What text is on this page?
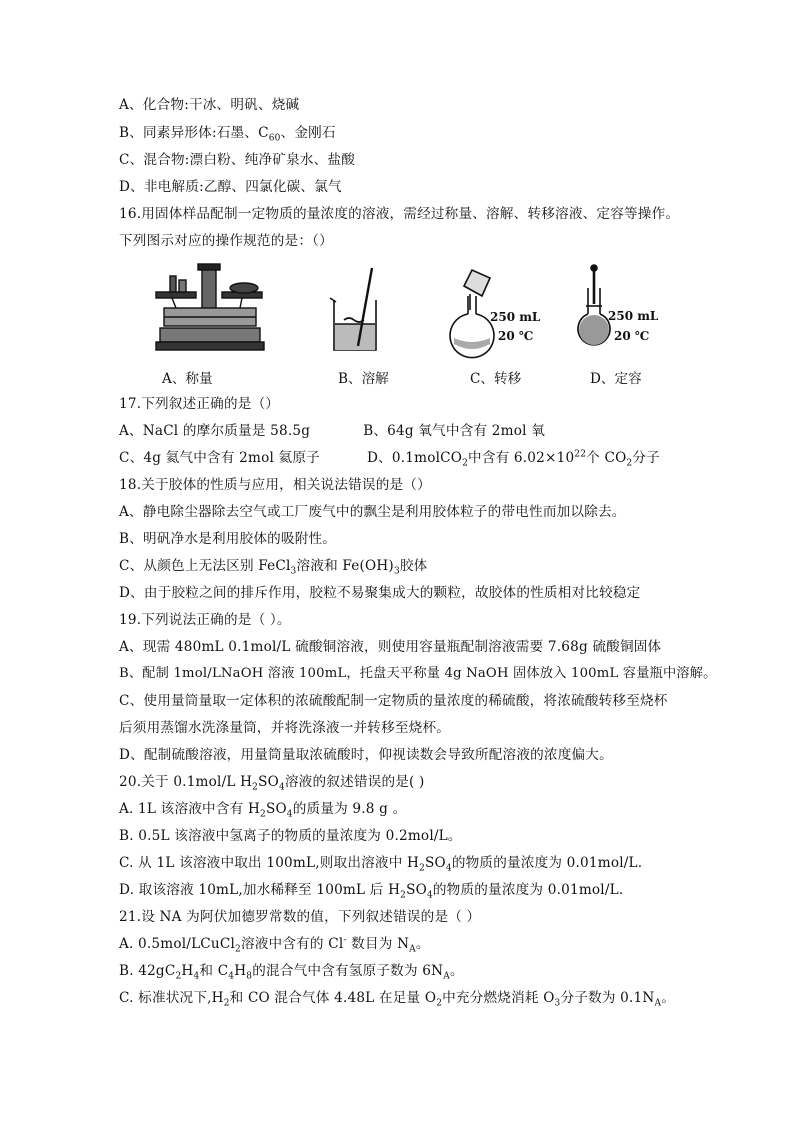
A、化合物:干冰、明矾、烧碱
B、同素异形体:石墨、$C_{60}$、金刚石
C、混合物:漂白粉、纯净矿泉水、盐酸
D、非电解质:乙醇、四氯化碳、氯气
16.用固体样品配制一定物质的量浓度的溶液，需经过称量、溶解、转移溶液、定容等操作。
下列图示对应的操作规范的是：（）
250 mL
20 ℃
250 mL
20 ℃
A、称量	B、溶解	C、转移	D、定容
17.下列叙述正确的是（）
A、NaCl 的摩尔质量是 58.5g	B、64g 氧气中含有 2mol 氧
C、4g 氦气中含有 2mol 氦原子	D、0.1molCO$_2$中含有 $6.02\times 10^{22}$个 $CO_2$分子
18.关于胶体的性质与应用，相关说法错误的是（）
A、静电除尘器除去空气或工厂废气中的飘尘是利用胶体粒子的带电性而加以除去。
B、明矾净水是利用胶体的吸附性。
C、从颜色上无法区别 FeCl$_3$溶液和 $Fe(OH)_3$胶体
D、由于胶粒之间的排斥作用，胶粒不易聚集成大的颗粒，故胶体的性质相对比较稳定
19.下列说法正确的是（ ）。
A、现需 480mL 0.1mol/L 硫酸铜溶液，则使用容量瓶配制溶液需要 7.68g 硫酸铜固体
B、配制 1mol/LNaOH 溶液 100mL，托盘天平称量 4g NaOH 固体放入 100mL 容量瓶中溶解。
C、使用量筒量取一定体积的浓硫酸配制一定物质的量浓度的稀硫酸，将浓硫酸转移至烧杯
后须用蒸馏水洗涤量筒，并将洗涤液一并转移至烧杯。
D、配制硫酸溶液，用量筒量取浓硫酸时，仰视读数会导致所配溶液的浓度偏大。
20.关于 0.1mol/L $H_2SO_4$溶液的叙述错误的是( )
A. 1L 该溶液中含有 $H_2SO_4$的质量为 9.8 g 。
B. 0.5L 该溶液中氢离子的物质的量浓度为 0.2mol/L。
C. 从 1L 该溶液中取出 100mL,则取出溶液中 $H_2SO_4$的物质的量浓度为 0.01mol/L.
D. 取该溶液 10mL,加水稀释至 100mL 后 $H_2SO_4$的物质的量浓度为 0.01mol/L.
21.设 NA 为阿伏加德罗常数的值，下列叙述错误的是（ ）
A. 0.5mol/LCuCl$_2$溶液中含有的 Cl- 数目为 $N_A$。
B. $42gC_2H_4$和 $C_4H_8$的混合气中含有氢原子数为 $6N_A$。
C. 标准状况下$,H_2$和 CO 混合气体 4.48L 在足量 $O_2$中充分燃烧消耗 $O_3$分子数为 $0.1N_A$。
